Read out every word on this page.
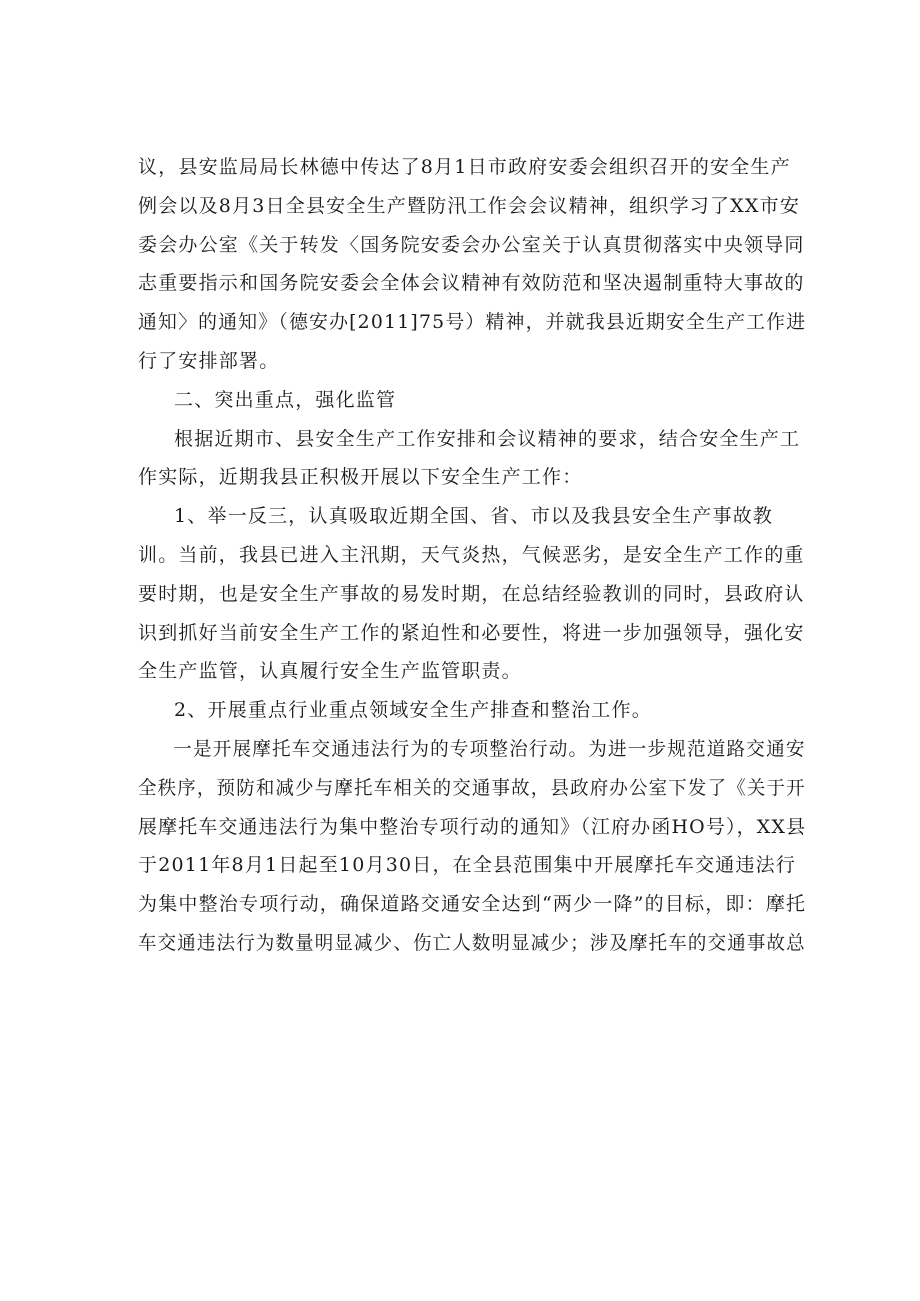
议，县安监局局长林德中传达了8月1日市政府安委会组织召开的安全生产
例会以及8月3日全县安全生产暨防汛工作会会议精神，组织学习了XX市安
委会办公室《关于转发〈国务院安委会办公室关于认真贯彻落实中央领导同
志重要指示和国务院安委会全体会议精神有效防范和坚决遏制重特大事故的
通知〉的通知》（德安办[2011]75号）精神，并就我县近期安全生产工作进
行了安排部署。
二、突出重点，强化监管
根据近期市、县安全生产工作安排和会议精神的要求，结合安全生产工
作实际，近期我县正积极开展以下安全生产工作：
1、举一反三，认真吸取近期全国、省、市以及我县安全生产事故教
训。当前，我县已进入主汛期，天气炎热，气候恶劣，是安全生产工作的重
要时期，也是安全生产事故的易发时期，在总结经验教训的同时，县政府认
识到抓好当前安全生产工作的紧迫性和必要性，将进一步加强领导，强化安
全生产监管，认真履行安全生产监管职责。
2、开展重点行业重点领域安全生产排查和整治工作。
一是开展摩托车交通违法行为的专项整治行动。为进一步规范道路交通安
全秩序，预防和减少与摩托车相关的交通事故，县政府办公室下发了《关于开
展摩托车交通违法行为集中整治专项行动的通知》（江府办函HO号），XX县
于2011年8月1日起至10月30日，在全县范围集中开展摩托车交通违法行
为集中整治专项行动，确保道路交通安全达到“两少一降”的目标，即：摩托
车交通违法行为数量明显减少、伤亡人数明显减少；涉及摩托车的交通事故总
